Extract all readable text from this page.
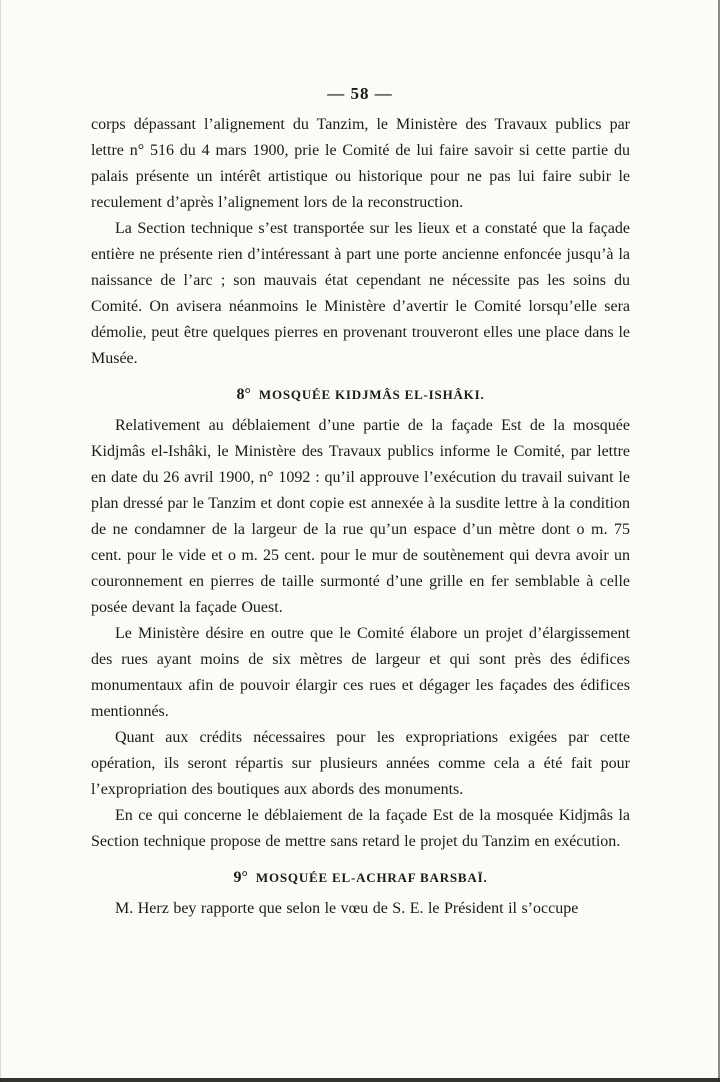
— 58 —

corps dépassant l’alignement du Tanzim, le Ministère des Travaux publics par lettre n° 516 du 4 mars 1900, prie le Comité de lui faire savoir si cette partie du palais présente un intérêt artistique ou historique pour ne pas lui faire subir le reculement d’après l’alignement lors de la reconstruction.

La Section technique s’est transportée sur les lieux et a constaté que la façade entière ne présente rien d’intéressant à part une porte ancienne enfoncée jusqu’à la naissance de l’arc ; son mauvais état cependant ne nécessite pas les soins du Comité. On avisera néanmoins le Ministère d’avertir le Comité lorsqu’elle sera démolie, peut être quelques pierres en provenant trouveront elles une place dans le Musée.

8° MOSQUÉE KIDJMÂS EL-ISHÂKI.

Relativement au déblaiement d’une partie de la façade Est de la mosquée Kidjmâs el-Ishâki, le Ministère des Travaux publics informe le Comité, par lettre en date du 26 avril 1900, n° 1092 : qu’il approuve l’exécution du travail suivant le plan dressé par le Tanzim et dont copie est annexée à la susdite lettre à la condition de ne condamner de la largeur de la rue qu’un espace d’un mètre dont o m. 75 cent. pour le vide et o m. 25 cent. pour le mur de soutènement qui devra avoir un couronnement en pierres de taille surmonté d’une grille en fer semblable à celle posée devant la façade Ouest.

Le Ministère désire en outre que le Comité élabore un projet d’élargissement des rues ayant moins de six mètres de largeur et qui sont près des édifices monumentaux afin de pouvoir élargir ces rues et dégager les façades des édifices mentionnés.

Quant aux crédits nécessaires pour les expropriations exigées par cette opération, ils seront répartis sur plusieurs années comme cela a été fait pour l’expropriation des boutiques aux abords des monuments.

En ce qui concerne le déblaiement de la façade Est de la mosquée Kidjmâs la Section technique propose de mettre sans retard le projet du Tanzim en exécution.

9° MOSQUÉE EL-ACHRAF BARSBAÏ.

M. Herz bey rapporte que selon le vœu de S. E. le Président il s’occupe
